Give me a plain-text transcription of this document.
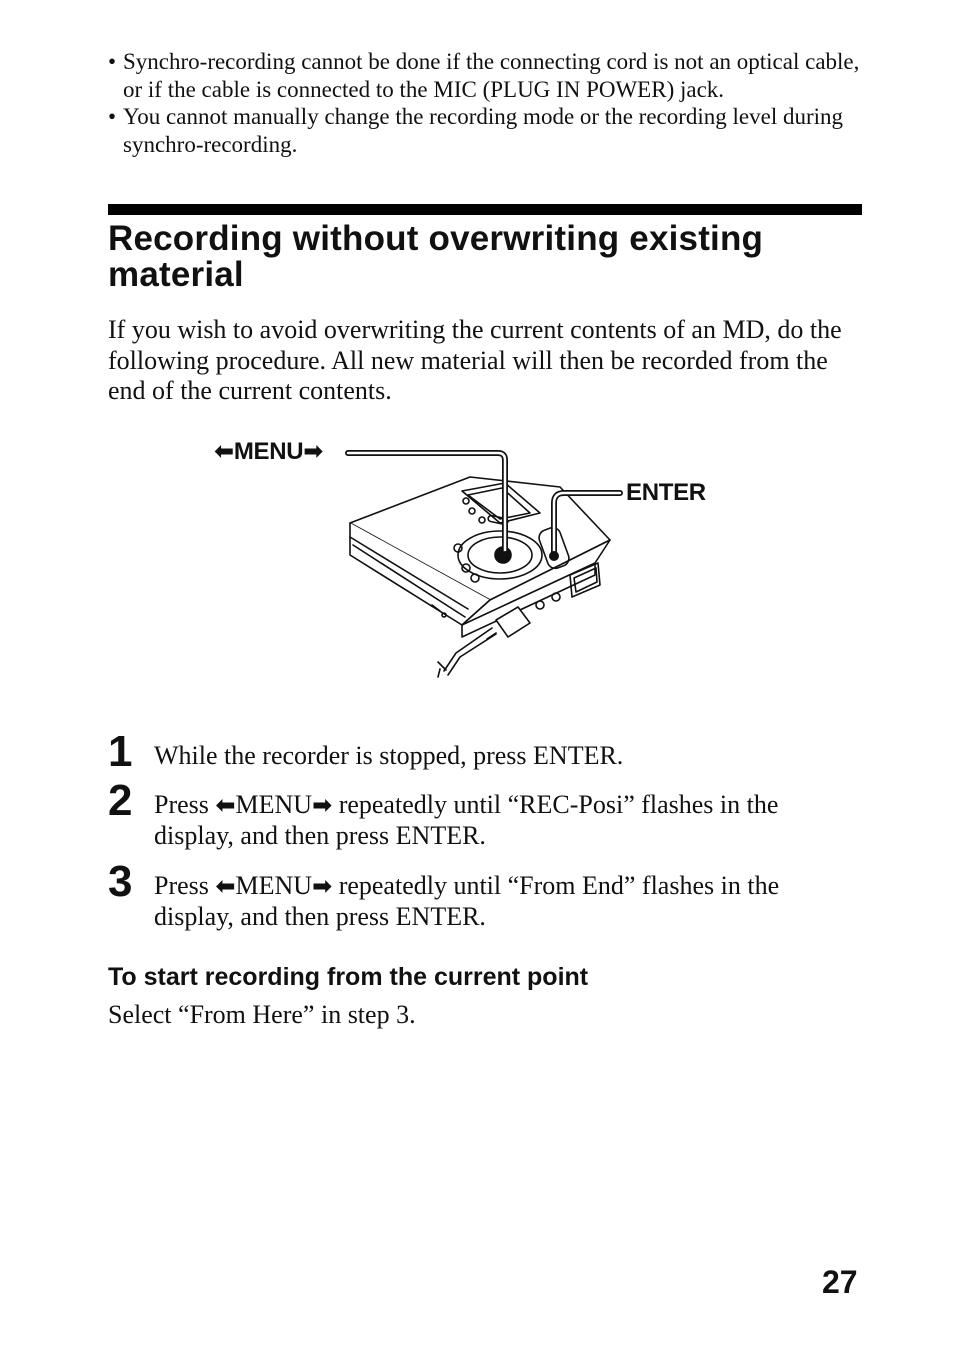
• Synchro-recording cannot be done if the connecting cord is not an optical cable, or if the cable is connected to the MIC (PLUG IN POWER) jack.
• You cannot manually change the recording mode or the recording level during synchro-recording.
Recording without overwriting existing material
If you wish to avoid overwriting the current contents of an MD, do the following procedure. All new material will then be recorded from the end of the current contents.
⬅ MENU ➡
ENTER
1 While the recorder is stopped, press ENTER.
2 Press ⬅MENU➡ repeatedly until “REC-Posi” flashes in the display, and then press ENTER.
3 Press ⬅MENU➡ repeatedly until “From End” flashes in the display, and then press ENTER.
To start recording from the current point
Select “From Here” in step 3.
27
